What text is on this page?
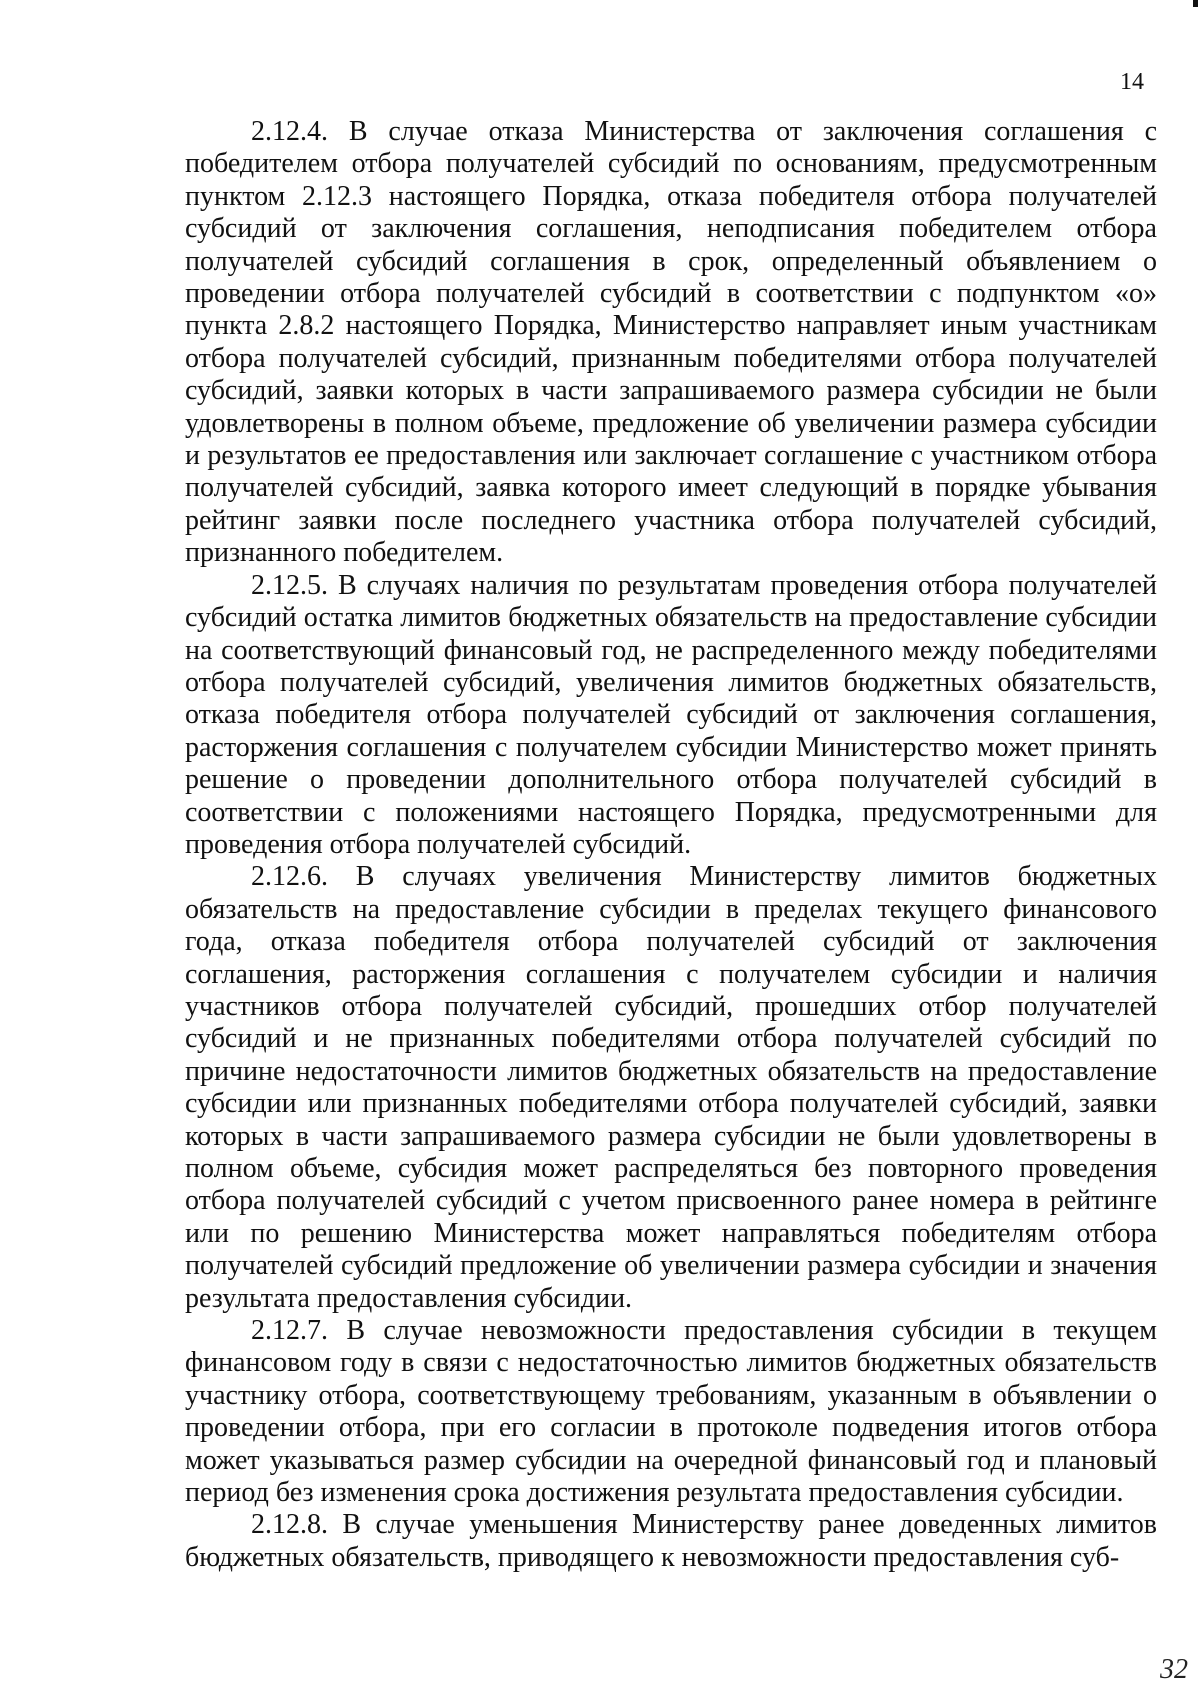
14

2.12.4. В случае отказа Министерства от заключения соглашения с победителем отбора получателей субсидий по основаниям, предусмотренным пунктом 2.12.3 настоящего Порядка, отказа победителя отбора получателей субсидий от заключения соглашения, неподписания победителем отбора получателей субсидий соглашения в срок, определенный объявлением о проведении отбора получателей субсидий в соответствии с подпунктом «о» пункта 2.8.2 настоящего Порядка, Министерство направляет иным участникам отбора получателей субсидий, признанным победителями отбора получателей субсидий, заявки которых в части запрашиваемого размера субсидии не были удовлетворены в полном объеме, предложение об увеличении размера субсидии и результатов ее предоставления или заключает соглашение с участником отбора получателей субсидий, заявка которого имеет следующий в порядке убывания рейтинг заявки после последнего участника отбора получателей субсидий, признанного победителем.

2.12.5. В случаях наличия по результатам проведения отбора получателей субсидий остатка лимитов бюджетных обязательств на предоставление субсидии на соответствующий финансовый год, не распределенного между победителями отбора получателей субсидий, увеличения лимитов бюджетных обязательств, отказа победителя отбора получателей субсидий от заключения соглашения, расторжения соглашения с получателем субсидии Министерство может принять решение о проведении дополнительного отбора получателей субсидий в соответствии с положениями настоящего Порядка, предусмотренными для проведения отбора получателей субсидий.

2.12.6. В случаях увеличения Министерству лимитов бюджетных обязательств на предоставление субсидии в пределах текущего финансового года, отказа победителя отбора получателей субсидий от заключения соглашения, расторжения соглашения с получателем субсидии и наличия участников отбора получателей субсидий, прошедших отбор получателей субсидий и не признанных победителями отбора получателей субсидий по причине недостаточности лимитов бюджетных обязательств на предоставление субсидии или признанных победителями отбора получателей субсидий, заявки которых в части запрашиваемого размера субсидии не были удовлетворены в полном объеме, субсидия может распределяться без повторного проведения отбора получателей субсидий с учетом присвоенного ранее номера в рейтинге или по решению Министерства может направляться победителям отбора получателей субсидий предложение об увеличении размера субсидии и значения результата предоставления субсидии.

2.12.7. В случае невозможности предоставления субсидии в текущем финансовом году в связи с недостаточностью лимитов бюджетных обязательств участнику отбора, соответствующему требованиям, указанным в объявлении о проведении отбора, при его согласии в протоколе подведения итогов отбора может указываться размер субсидии на очередной финансовый год и плановый период без изменения срока достижения результата предоставления субсидии.

2.12.8. В случае уменьшения Министерству ранее доведенных лимитов бюджетных обязательств, приводящего к невозможности предоставления суб-

32
